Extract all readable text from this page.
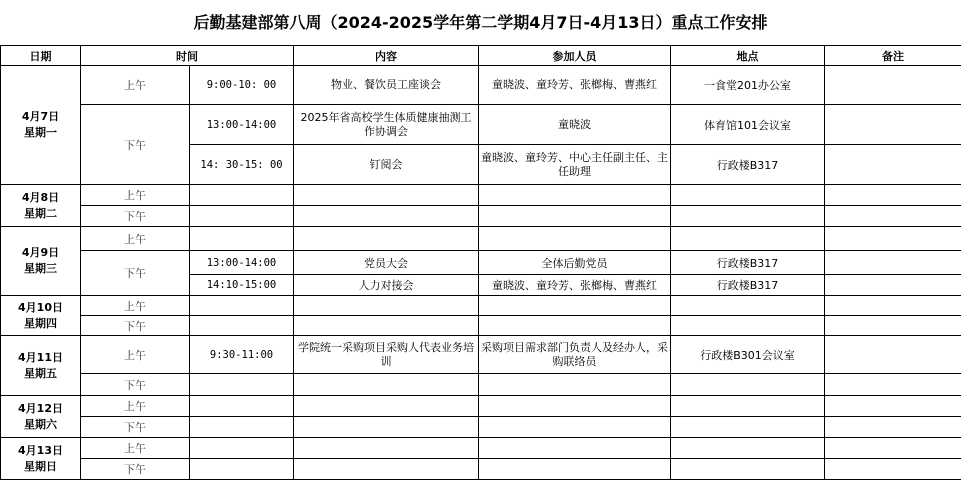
后勤基建部第八周（2024-2025学年第二学期4月7日-4月13日）重点工作安排
日期	时间		内容	参加人员	地点	备注
4月7日
星期一	上午	9:00-10: 00	物业、餐饮员工座谈会	童晓波、童玲芳、张榔梅、曹燕红	一食堂201办公室	
	下午	13:00-14:00	2025年省高校学生体质健康抽测工作协调会	童晓波	体育馆101会议室	
		14: 30-15: 00	钉阅会	童晓波、童玲芳、中心主任副主任、主任助理	行政楼B317	
4月8日
星期二	上午					
	下午					
4月9日
星期三	上午					
	下午	13:00-14:00	党员大会	全体后勤党员	行政楼B317	
		14:10-15:00	人力对接会	童晓波、童玲芳、张榔梅、曹燕红	行政楼B317	
4月10日
星期四	上午					
	下午					
4月11日
星期五	上午	9:30-11:00	学院统一采购项目采购人代表业务培训	采购项目需求部门负责人及经办人，采购联络员	行政楼B301会议室	
	下午					
4月12日
星期六	上午					
	下午					
4月13日
星期日	上午					
	下午					
